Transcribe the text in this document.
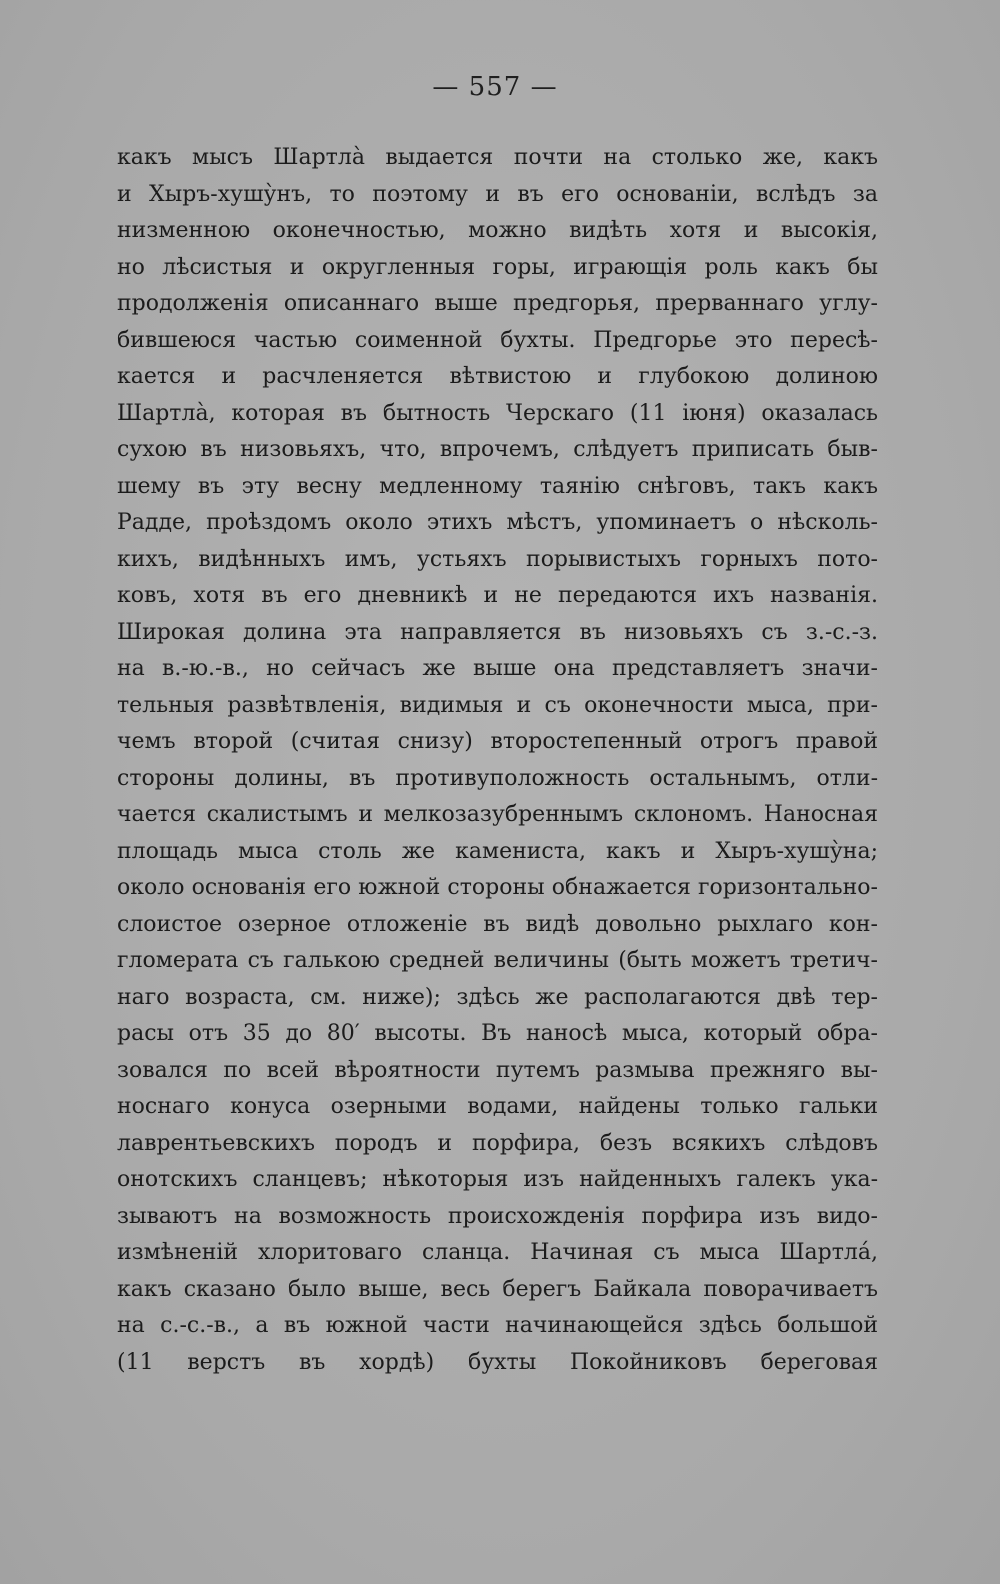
— 557 —
какъ мысъ Шартла̀ выдается почти на столько же, какъ
и Хыръ-хушу̀нъ, то поэтому и въ его основанiи, вслѣдъ за
низменною оконечностью, можно видѣть хотя и высокiя,
но лѣсистыя и округленныя горы, играющiя роль какъ бы
продолженiя описаннаго выше предгорья, прерваннаго углу-
бившеюся частью соименной бухты. Предгорье это пересѣ-
кается и расчленяется вѣтвистою и глубокою долиною
Шартла̀, которая въ бытность Черскаго (11 iюня) оказалась
сухою въ низовьяхъ, что, впрочемъ, слѣдуетъ приписать быв-
шему въ эту весну медленному таянiю снѣговъ, такъ какъ
Радде, проѣздомъ около этихъ мѣстъ, упоминаетъ о нѣсколь-
кихъ, видѣнныхъ имъ, устьяхъ порывистыхъ горныхъ пото-
ковъ, хотя въ его дневникѣ и не передаются ихъ названiя.
Широкая долина эта направляется въ низовьяхъ съ з.-с.-з.
на в.-ю.-в., но сейчасъ же выше она представляетъ значи-
тельныя развѣтвленiя, видимыя и съ оконечности мыса, при-
чемъ второй (считая снизу) второстепенный отрогъ правой
стороны долины, въ противуположность остальнымъ, отли-
чается скалистымъ и мелкозазубреннымъ склономъ. Наносная
площадь мыса столь же камениста, какъ и Хыръ-хушу̀на;
около основанiя его южной стороны обнажается горизонтально-
слоистое озерное отложенiе въ видѣ довольно рыхлаго кон-
гломерата съ галькою средней величины (быть можетъ третич-
наго возраста, см. ниже); здѣсь же располагаются двѣ тер-
расы отъ 35 до 80′ высоты. Въ наносѣ мыса, который обра-
зовался по всей вѣроятности путемъ размыва прежняго вы-
носнаго конуса озерными водами, найдены только гальки
лаврентьевскихъ породъ и порфира, безъ всякихъ слѣдовъ
онотскихъ сланцевъ; нѣкоторыя изъ найденныхъ галекъ ука-
зываютъ на возможность происхожденiя порфира изъ видо-
измѣненiй хлоритоваго сланца. Начиная съ мыса Шартла́,
какъ сказано было выше, весь берегъ Байкала поворачиваетъ
на с.-с.-в., а въ южной части начинающейся здѣсь большой
(11 верстъ въ хордѣ) бухты Покойниковъ береговая
